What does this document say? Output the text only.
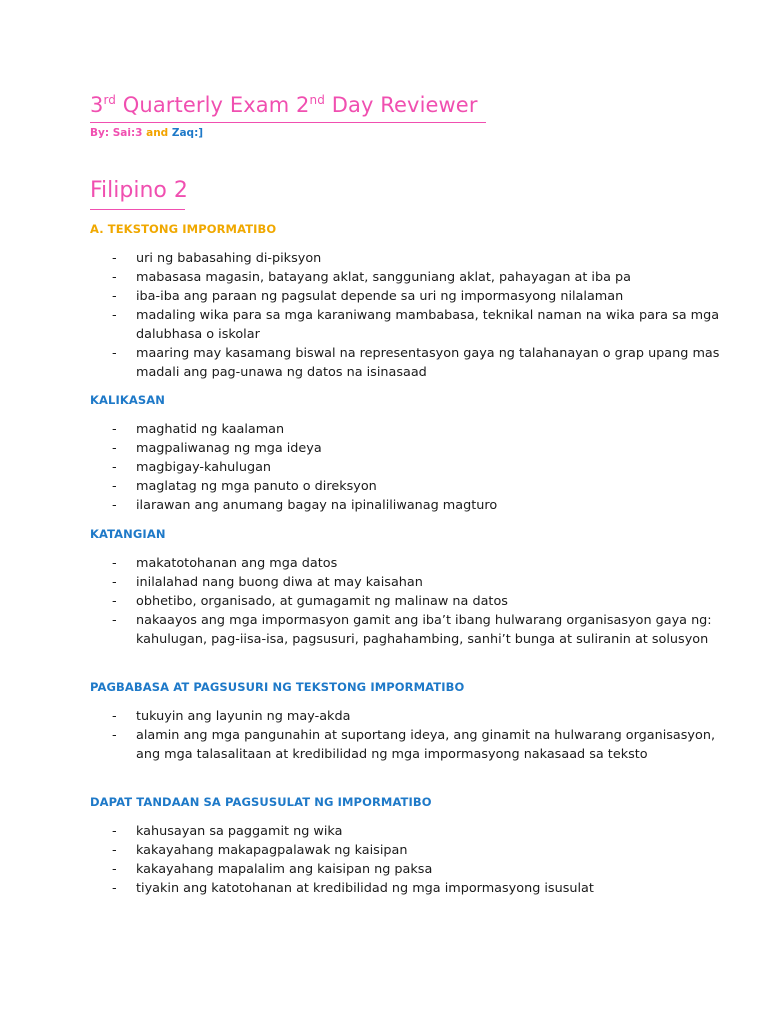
3rd Quarterly Exam 2nd Day Reviewer
By: Sai:3 and Zaq:]
Filipino 2
A. TEKSTONG IMPORMATIBO
- uri ng babasahing di-piksyon
- mabasasa magasin, batayang aklat, sangguniang aklat, pahayagan at iba pa
- iba-iba ang paraan ng pagsulat depende sa uri ng impormasyong nilalaman
- madaling wika para sa mga karaniwang mambabasa, teknikal naman na wika para sa mga dalubhasa o iskolar
- maaring may kasamang biswal na representasyon gaya ng talahanayan o grap upang mas madali ang pag-unawa ng datos na isinasaad
KALIKASAN
- maghatid ng kaalaman
- magpaliwanag ng mga ideya
- magbigay-kahulugan
- maglatag ng mga panuto o direksyon
- ilarawan ang anumang bagay na ipinaliliwanag magturo
KATANGIAN
- makatotohanan ang mga datos
- inilalahad nang buong diwa at may kaisahan
- obhetibo, organisado, at gumagamit ng malinaw na datos
- nakaayos ang mga impormasyon gamit ang iba’t ibang hulwarang organisasyon gaya ng: kahulugan, pag-iisa-isa, pagsusuri, paghahambing, sanhi’t bunga at suliranin at solusyon
PAGBABASA AT PAGSUSURI NG TEKSTONG IMPORMATIBO
- tukuyin ang layunin ng may-akda
- alamin ang mga pangunahin at suportang ideya, ang ginamit na hulwarang organisasyon, ang mga talasalitaan at kredibilidad ng mga impormasyong nakasaad sa teksto
DAPAT TANDAAN SA PAGSUSULAT NG IMPORMATIBO
- kahusayan sa paggamit ng wika
- kakayahang makapagpalawak ng kaisipan
- kakayahang mapalalim ang kaisipan ng paksa
- tiyakin ang katotohanan at kredibilidad ng mga impormasyong isusulat
